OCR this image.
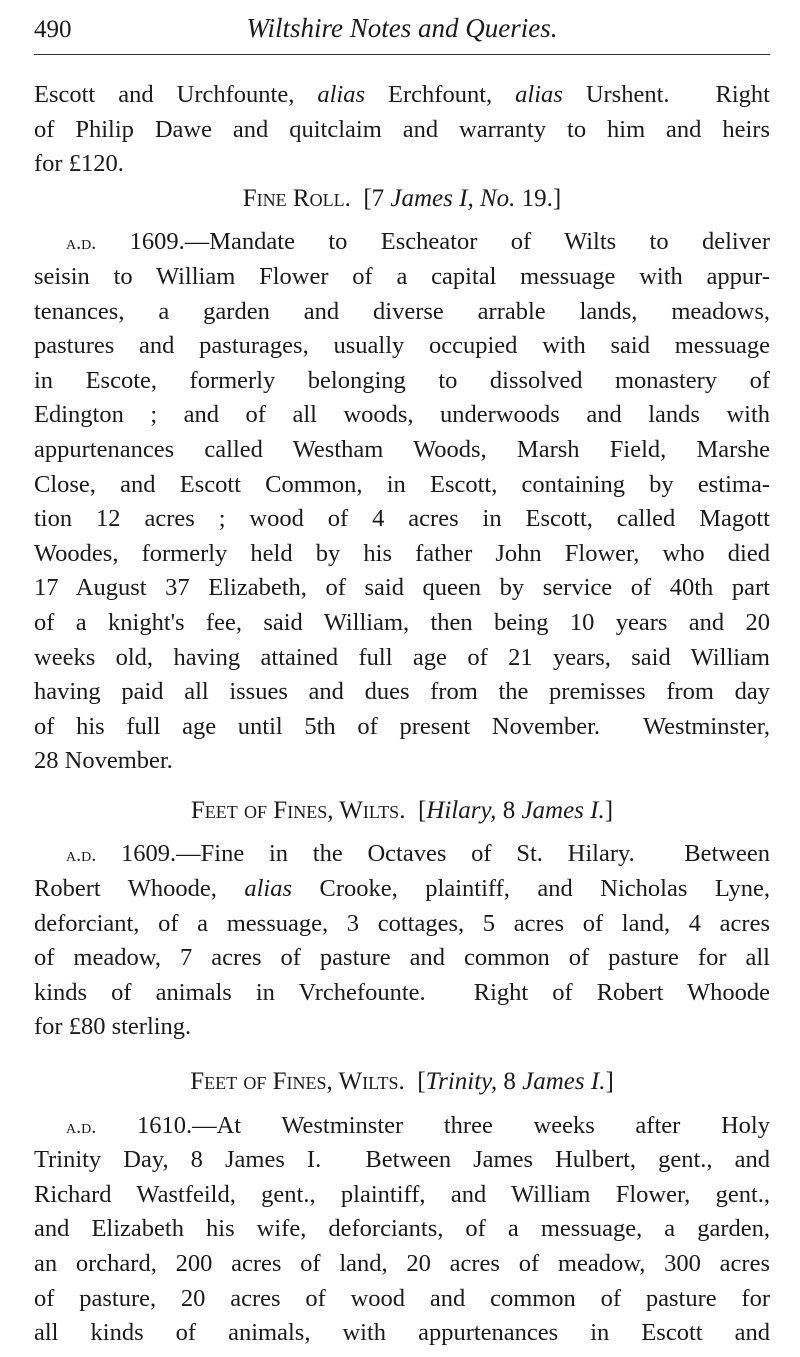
490	Wiltshire Notes and Queries.
Escott and Urchfounte, alias Erchfount, alias Urshent.  Right
of Philip Dawe and quitclaim and warranty to him and heirs
for £120.
Fine Roll.  [7 James I, No. 19.]
a.d. 1609.—Mandate to Escheator of Wilts to deliver
seisin to William Flower of a capital messuage with appur-
tenances, a garden and diverse arrable lands, meadows,
pastures and pasturages, usually occupied with said messuage
in Escote, formerly belonging to dissolved monastery of
Edington ; and of all woods, underwoods and lands with
appurtenances called Westham Woods, Marsh Field, Marshe
Close, and Escott Common, in Escott, containing by estima-
tion 12 acres ; wood of 4 acres in Escott, called Magott
Woodes, formerly held by his father John Flower, who died
17 August 37 Elizabeth, of said queen by service of 40th part
of a knight's fee, said William, then being 10 years and 20
weeks old, having attained full age of 21 years, said William
having paid all issues and dues from the premisses from day
of his full age until 5th of present November.  Westminster,
28 November.
Feet of Fines, Wilts.  [Hilary, 8 James I.]
a.d. 1609.—Fine in the Octaves of St. Hilary.  Between
Robert Whoode, alias Crooke, plaintiff, and Nicholas Lyne,
deforciant, of a messuage, 3 cottages, 5 acres of land, 4 acres
of meadow, 7 acres of pasture and common of pasture for all
kinds of animals in Vrchefounte.  Right of Robert Whoode
for £80 sterling.
Feet of Fines, Wilts.  [Trinity, 8 James I.]
a.d. 1610.—At Westminster three weeks after Holy
Trinity Day, 8 James I.  Between James Hulbert, gent., and
Richard Wastfeild, gent., plaintiff, and William Flower, gent.,
and Elizabeth his wife, deforciants, of a messuage, a garden,
an orchard, 200 acres of land, 20 acres of meadow, 300 acres
of pasture, 20 acres of wood and common of pasture for
all kinds of animals, with appurtenances in Escott and
